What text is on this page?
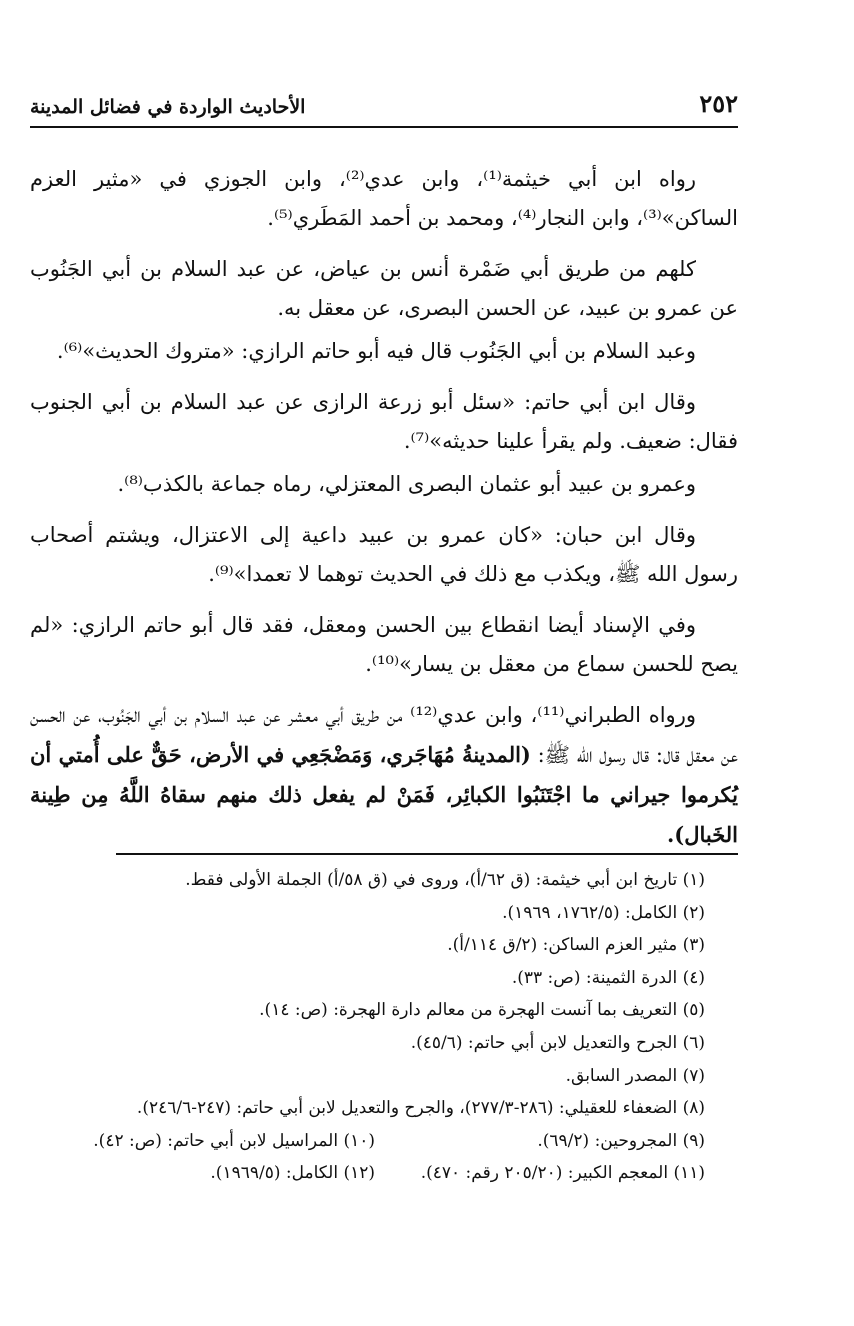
٢٥٢
الأحاديث الواردة في فضائل المدينة

رواه ابن أبي خيثمة⁽¹⁾، وابن عدي⁽²⁾، وابن الجوزي في «مثير العزم الساكن»⁽³⁾، وابن النجار⁽⁴⁾، ومحمد بن أحمد المَطَري⁽⁵⁾.

كلهم من طريق أبي ضَمْرة أنس بن عياض، عن عبد السلام بن أبي الجَنُوب عن عمرو بن عبيد، عن الحسن البصرى، عن معقل به.

وعبد السلام بن أبي الجَنُوب قال فيه أبو حاتم الرازي: «متروك الحديث»⁽⁶⁾.

وقال ابن أبي حاتم: «سئل أبو زرعة الرازى عن عبد السلام بن أبي الجنوب فقال: ضعيف. ولم يقرأ علينا حديثه»⁽⁷⁾.

وعمرو بن عبيد أبو عثمان البصرى المعتزلي، رماه جماعة بالكذب⁽⁸⁾.

وقال ابن حبان: «كان عمرو بن عبيد داعية إلى الاعتزال، ويشتم أصحاب رسول الله ﷺ، ويكذب مع ذلك في الحديث توهما لا تعمدا»⁽⁹⁾.

وفي الإسناد أيضا انقطاع بين الحسن ومعقل، فقد قال أبو حاتم الرازي: «لم يصح للحسن سماع من معقل بن يسار»⁽¹⁰⁾.

ورواه الطبراني⁽¹¹⁾، وابن عدي⁽¹²⁾ من طريق أبي معشر عن عبد السلام بن أبي الجَنُوب، عن الحسن عن معقل قال: قال رسول الله ﷺ: (المدينةُ مُهَاجَري، وَمَضْجَعِي في الأرض، حَقٌّ على أُمتي أن يُكرموا جيراني ما اجْتَنَبُوا الكبائِر، فَمَنْ لم يفعل ذلك منهم سقاهُ اللَّهُ مِن طِينة الخَبال).

(١) تاريخ ابن أبي خيثمة: (ق ٦٢/أ)، وروى في (ق ٥٨/أ) الجملة الأولى فقط.

(٢) الكامل: (١٧٦٢/٥، ١٩٦٩).

(٣) مثير العزم الساكن: (٢/ق ١١٤/أ).

(٤) الدرة الثمينة: (ص: ٣٣).

(٥) التعريف بما آنست الهجرة من معالم دارة الهجرة: (ص: ١٤).

(٦) الجرح والتعديل لابن أبي حاتم: (٤٥/٦).

(٧) المصدر السابق.

(٨) الضعفاء للعقيلي: (٢٨٦-٢٧٧/٣)، والجرح والتعديل لابن أبي حاتم: (٢٤٧-٢٤٦/٦).

(٩) المجروحين: (٦٩/٢).

(١٠) المراسيل لابن أبي حاتم: (ص: ٤٢).

(١١) المعجم الكبير: (٢٠٥/٢٠ رقم: ٤٧٠).

(١٢) الكامل: (١٩٦٩/٥).
